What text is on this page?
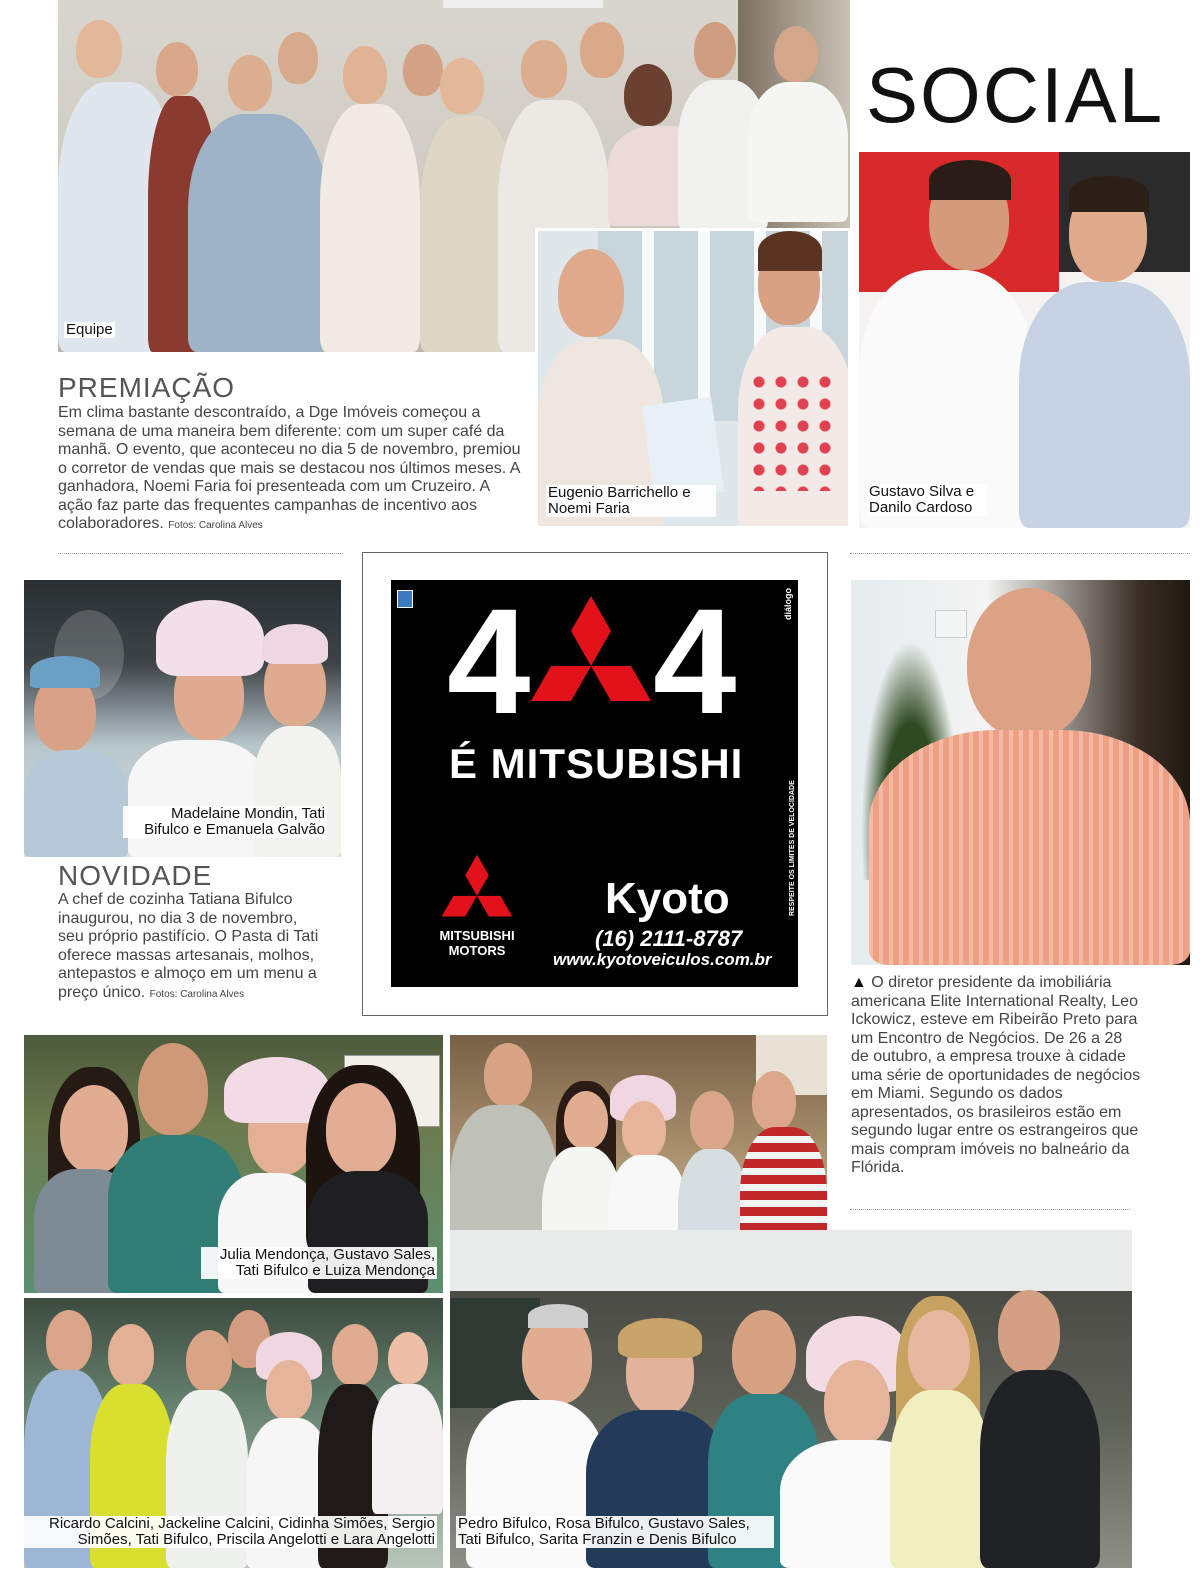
SOCIAL
Equipe
Eugenio Barrichello e Noemi Faria
Gustavo Silva e Danilo Cardoso
PREMIAÇÃO

Em clima bastante descontraído, a Dge Imóveis começou a semana de uma maneira bem diferente: com um super café da manhã. O evento, que aconteceu no dia 5 de novembro, premiou o corretor de vendas que mais se destacou nos últimos meses. A ganhadora, Noemi Faria foi presenteada com um Cruzeiro. A ação faz parte das frequentes campanhas de incentivo aos colaboradores. Fotos: Carolina Alves

Madelaine Mondin, Tati Bifulco e Emanuela Galvão
NOVIDADE

A chef de cozinha Tatiana Bifulco inaugurou, no dia 3 de novembro, seu próprio pastifício. O Pasta di Tati oferece massas artesanais, molhos, antepastos e almoço em um menu a preço único. Fotos: Carolina Alves

diálogo
4 4
É MITSUBISHI
MITSUBISHI
MOTORS
Kyoto
(16) 2111-8787
www.kyotoveiculos.com.br
RESPEITE OS LIMITES DE VELOCIDADE

▲ O diretor presidente da imobiliária americana Elite International Realty, Leo Ickowicz, esteve em Ribeirão Preto para um Encontro de Negócios. De 26 a 28 de outubro, a empresa trouxe à cidade uma série de oportunidades de negócios em Miami. Segundo os dados apresentados, os brasileiros estão em segundo lugar entre os estrangeiros que mais compram imóveis no balneário da Flórida.

Julia Mendonça, Gustavo Sales, Tati Bifulco e Luiza Mendonça
Ricardo Calcini, Jackeline Calcini, Cidinha Simões, Sergio Simões, Tati Bifulco, Priscila Angelotti e Lara Angelotti
Pedro Bifulco, Rosa Bifulco, Gustavo Sales, Tati Bifulco, Sarita Franzin e Denis Bifulco
